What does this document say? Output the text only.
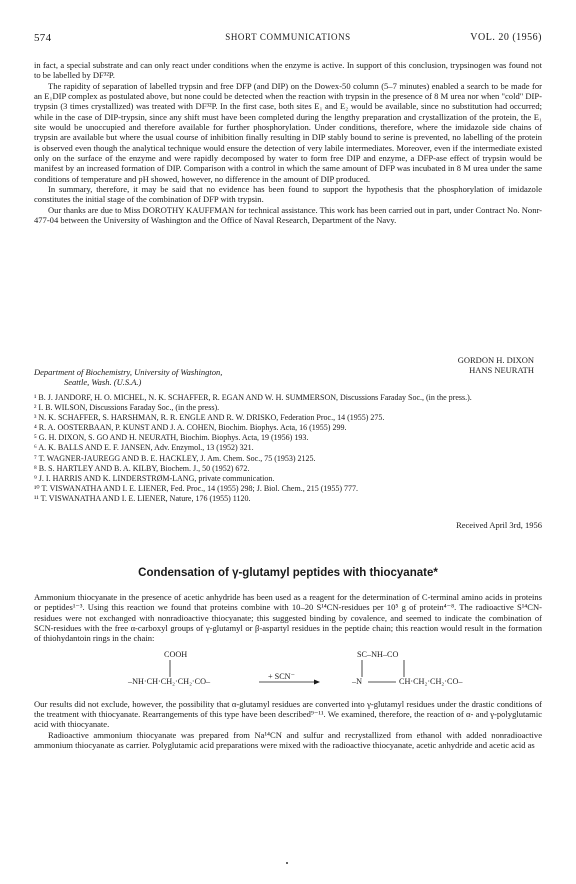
574	SHORT COMMUNICATIONS	VOL. 20 (1956)

in fact, a special substrate and can only react under conditions when the enzyme is active. In support of this conclusion, trypsinogen was found not to be labelled by DF³²P.

The rapidity of separation of labelled trypsin and free DFP (and DIP) on the Dowex-50 column (5–7 minutes) enabled a search to be made for an E₁DIP complex as postulated above, but none could be detected when the reaction with trypsin in the presence of 8 M urea nor when "cold" DIP-trypsin (3 times crystallized) was treated with DF³²P. In the first case, both sites E₁ and E₂ would be available, since no substitution had occurred; while in the case of DIP-trypsin, since any shift must have been completed during the lengthy preparation and crystallization of the protein, the E₁ site would be unoccupied and therefore available for further phosphorylation. Under conditions, therefore, where the imidazole side chains of trypsin are available but where the usual course of inhibition finally resulting in DIP stably bound to serine is prevented, no labelling of the protein is observed even though the analytical technique would ensure the detection of very labile intermediates. Moreover, even if the intermediate existed only on the surface of the enzyme and were rapidly decomposed by water to form free DIP and enzyme, a DFP-ase effect of trypsin would be manifest by an increased formation of DIP. Comparison with a control in which the same amount of DFP was incubated in 8 M urea under the same conditions of temperature and pH showed, however, no difference in the amount of DIP produced.

In summary, therefore, it may be said that no evidence has been found to support the hypothesis that the phosphorylation of imidazole constitutes the initial stage of the combination of DFP with trypsin.

Our thanks are due to Miss DOROTHY KAUFFMAN for technical assistance. This work has been carried out in part, under Contract No. Nonr-477-04 between the University of Washington and the Office of Naval Research, Department of the Navy.

GORDON H. DIXON
HANS NEURATH
Department of Biochemistry, University of Washington,
Seattle, Wash. (U.S.A.)
¹ B. J. JANDORF, H. O. MICHEL, N. K. SCHAFFER, R. EGAN AND W. H. SUMMERSON, Discussions Faraday Soc., (in the press.).
² I. B. WILSON, Discussions Faraday Soc., (in the press).
³ N. K. SCHAFFER, S. HARSHMAN, R. R. ENGLE AND R. W. DRISKO, Federation Proc., 14 (1955) 275.
⁴ R. A. OOSTERBAAN, P. KUNST AND J. A. COHEN, Biochim. Biophys. Acta, 16 (1955) 299.
⁵ G. H. DIXON, S. GO AND H. NEURATH, Biochim. Biophys. Acta, 19 (1956) 193.
⁶ A. K. BALLS AND E. F. JANSEN, Adv. Enzymol., 13 (1952) 321.
⁷ T. WAGNER-JAUREGG AND B. E. HACKLEY, J. Am. Chem. Soc., 75 (1953) 2125.
⁸ B. S. HARTLEY AND B. A. KILBY, Biochem. J., 50 (1952) 672.
⁹ J. I. HARRIS AND K. LINDERSTRØM-LANG, private communication.
¹⁰ T. VISWANATHA AND I. E. LIENER, Fed. Proc., 14 (1955) 298; J. Biol. Chem., 215 (1955) 777.
¹¹ T. VISWANATHA AND I. E. LIENER, Nature, 176 (1955) 1120.
Received April 3rd, 1956
Condensation of γ-glutamyl peptides with thiocyanate*

Ammonium thiocyanate in the presence of acetic anhydride has been used as a reagent for the determination of C-terminal amino acids in proteins or peptides¹⁻³. Using this reaction we found that proteins combine with 10–20 S¹⁴CN-residues per 10⁵ g of protein⁴⁻⁸. The radioactive S¹⁴CN-residues were not exchanged with nonradioactive thiocyanate; this suggested binding by covalence, and seemed to indicate the combination of SCN-residues with the free α-carboxyl groups of γ-glutamyl or β-aspartyl residues in the peptide chain; this reaction would result in the formation of thiohydantoin rings in the chain:

COOH
–NH·CH·CH₂·CH₂·CO–
+ SCN⁻
SC–NH–CO
–N	CH·CH₂·CH₂·CO–

Our results did not exclude, however, the possibility that α-glutamyl residues are converted into γ-glutamyl residues under the drastic conditions of the treatment with thiocyanate. Rearrangements of this type have been described⁹⁻¹¹. We examined, therefore, the reaction of α- and γ-polyglutamic acid with thiocyanate.

Radioactive ammonium thiocyanate was prepared from Na¹⁴CN and sulfur and recrystallized from ethanol with added nonradioactive ammonium thiocyanate as carrier. Polyglutamic acid preparations were mixed with the radioactive thiocyanate, acetic anhydride and acetic acid as
